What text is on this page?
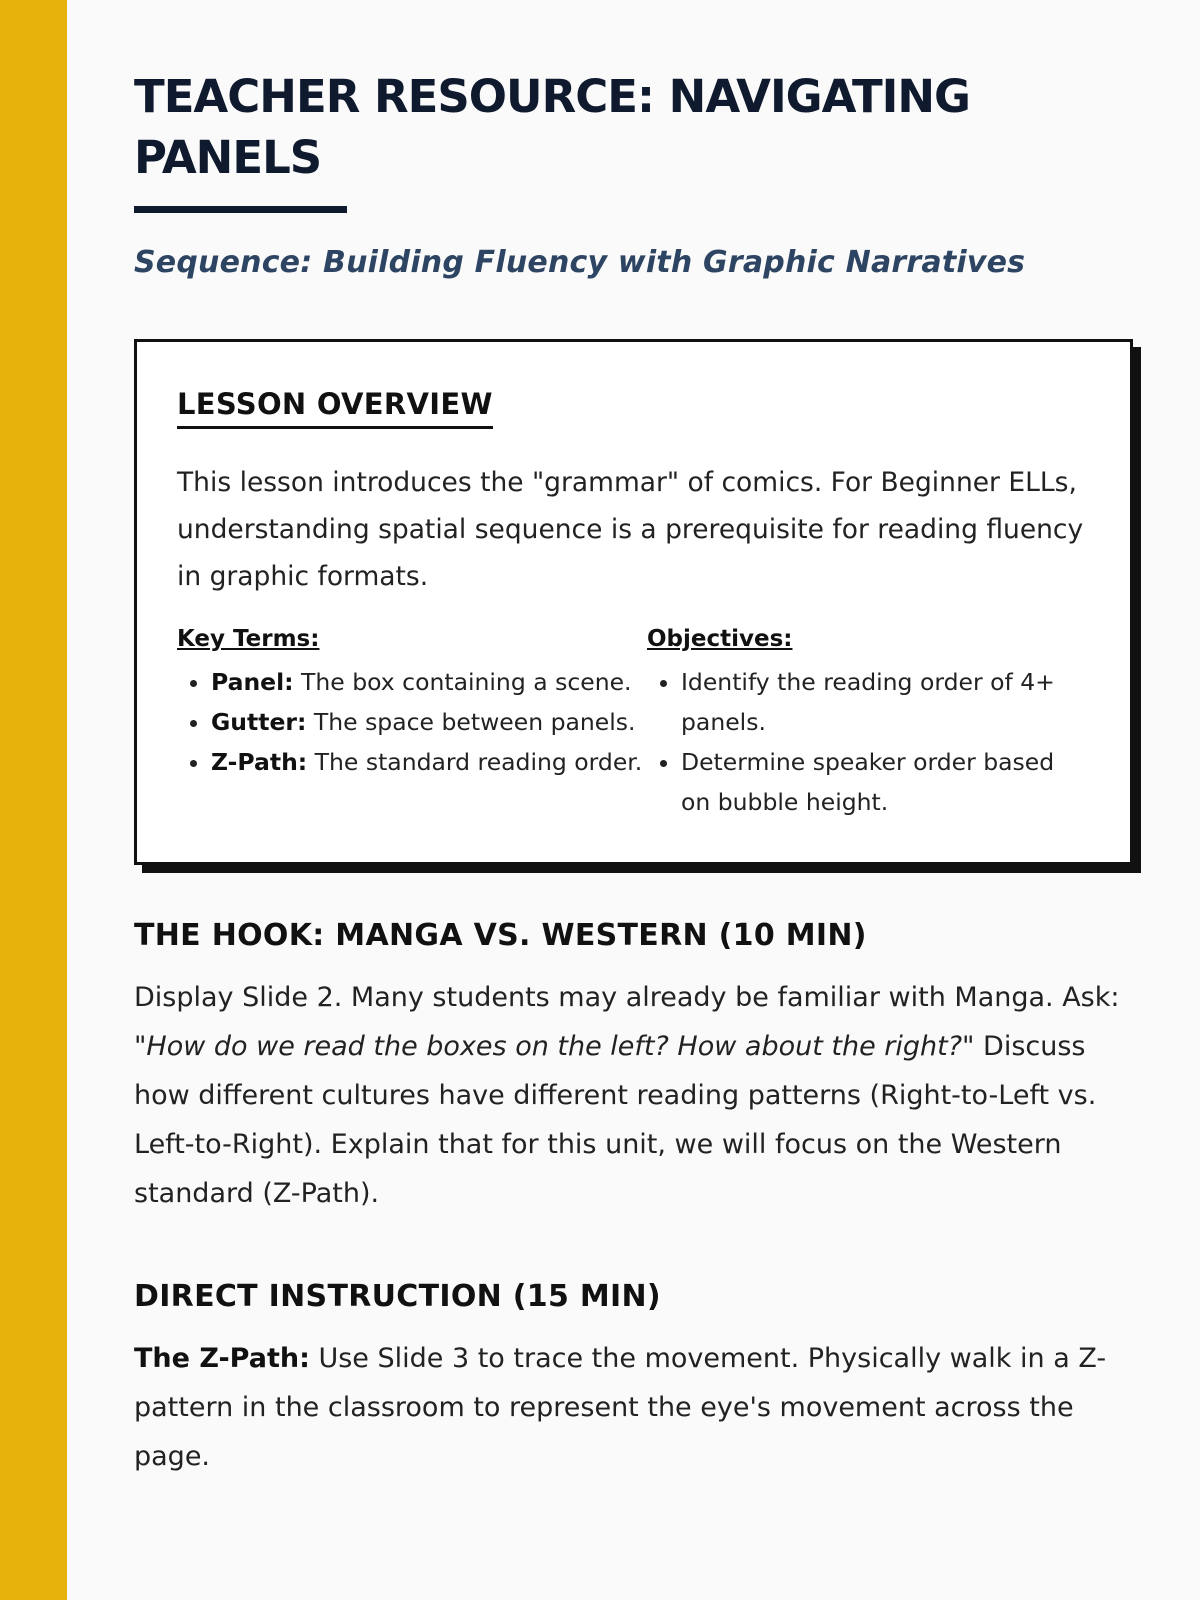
TEACHER RESOURCE: NAVIGATING PANELS

Sequence: Building Fluency with Graphic Narratives

LESSON OVERVIEW

This lesson introduces the "grammar" of comics. For Beginner ELLs, understanding spatial sequence is a prerequisite for reading fluency in graphic formats.

Key Terms:

• Panel: The box containing a scene.
• Gutter: The space between panels.
• Z-Path: The standard reading order.

Objectives:

• Identify the reading order of 4+ panels.
• Determine speaker order based on bubble height.
THE HOOK: MANGA VS. WESTERN (10 MIN)

Display Slide 2. Many students may already be familiar with Manga. Ask: "How do we read the boxes on the left? How about the right?" Discuss how different cultures have different reading patterns (Right-to-Left vs. Left-to-Right). Explain that for this unit, we will focus on the Western standard (Z-Path).

DIRECT INSTRUCTION (15 MIN)

The Z-Path: Use Slide 3 to trace the movement. Physically walk in a Z-pattern in the classroom to represent the eye's movement across the page.
